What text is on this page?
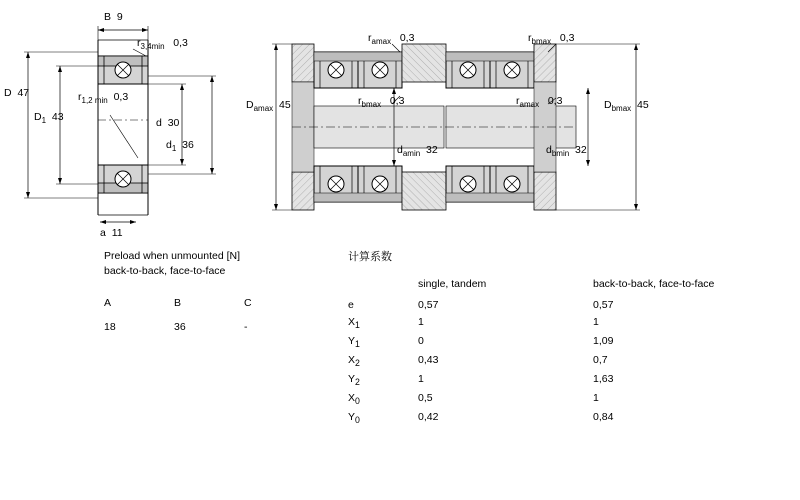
B 9
$r_{3,4min}$ 0,3
D 47
$D_1$ 43
$r_{1,2 min}$ 0,3
d 30
$d_1$ 36
a 11
$r_{amax}$ 0,3	$r_{bmax}$ 0,3
$D_{amax}$ 45	$r_{bmax}$ 0,3	$r_{amax}$ 0,3	$D_{bmax}$ 45
$d_{amin}$ 32	$d_{bmin}$ 32
Preload when unmounted [N]
back-to-back, face-to-face
A	B	C
18	36	-
计算系数
	single, tandem	back-to-back, face-to-face
e	0,57	0,57
$X_1$	1	1
$Y_1$	0	1,09
$X_2$	0,43	0,7
$Y_2$	1	1,63
$X_0$	0,5	1
$Y_0$	0,42	0,84
